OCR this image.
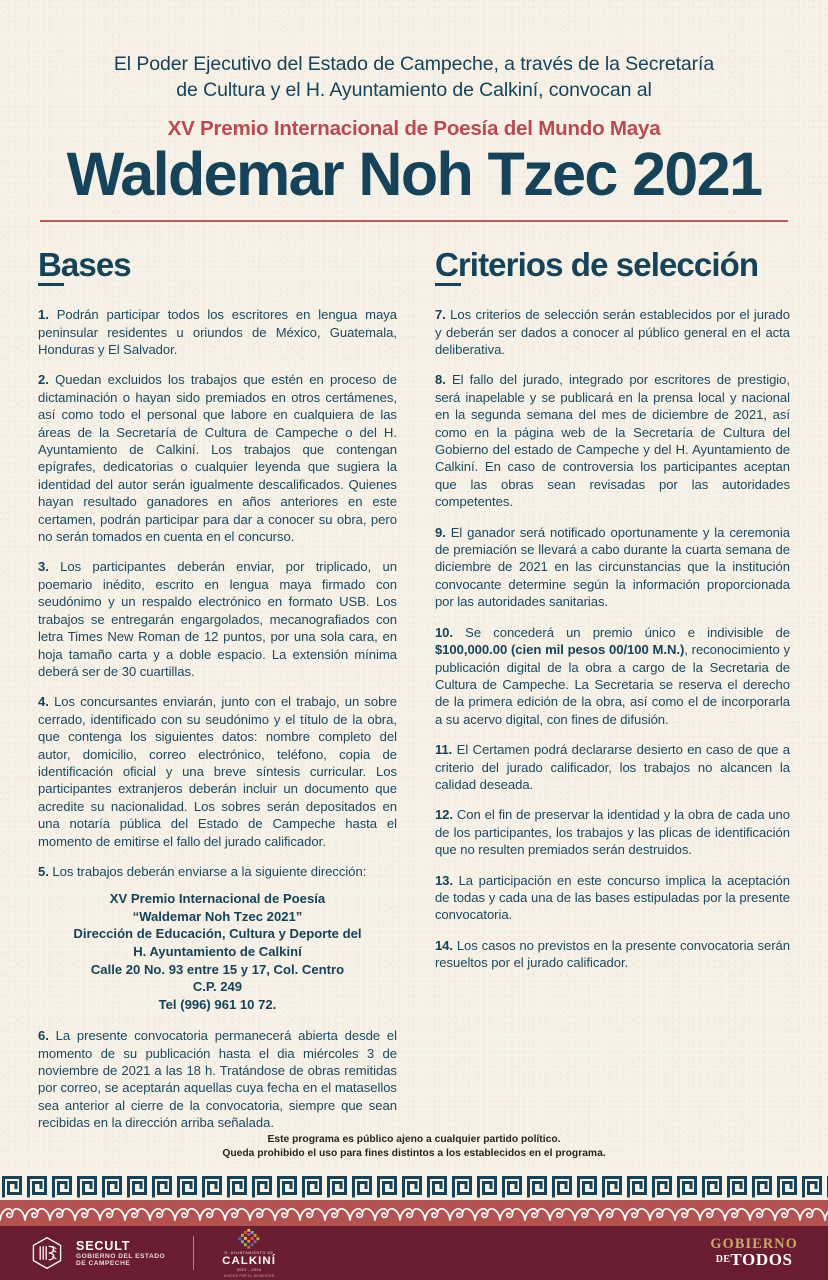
El Poder Ejecutivo del Estado de Campeche, a través de la Secretaría
de Cultura y el H. Ayuntamiento de Calkiní, convocan al
XV Premio Internacional de Poesía del Mundo Maya
Waldemar Noh Tzec 2021
Bases

1. Podrán participar todos los escritores en lengua maya peninsular residentes u oriundos de México, Guatemala, Honduras y El Salvador.

2. Quedan excluidos los trabajos que estén en proceso de dictaminación o hayan sido premiados en otros certámenes, así como todo el personal que labore en cualquiera de las áreas de la Secretaría de Cultura de Campeche o del H. Ayuntamiento de Calkiní. Los trabajos que contengan epígrafes, dedicatorias o cualquier leyenda que sugiera la identidad del autor serán igualmente descalificados. Quienes hayan resultado ganadores en años anteriores en este certamen, podrán participar para dar a conocer su obra, pero no serán tomados en cuenta en el concurso.

3. Los participantes deberán enviar, por triplicado, un poemario inédito, escrito en lengua maya firmado con seudónimo y un respaldo electrónico en formato USB. Los trabajos se entregarán engargolados, mecanografiados con letra Times New Roman de 12 puntos, por una sola cara, en hoja tamaño carta y a doble espacio. La extensión mínima deberá ser de 30 cuartillas.

4. Los concursantes enviarán, junto con el trabajo, un sobre cerrado, identificado con su seudónimo y el título de la obra, que contenga los siguientes datos: nombre completo del autor, domicilio, correo electrónico, teléfono, copia de identificación oficial y una breve síntesis curricular. Los participantes extranjeros deberán incluir un documento que acredite su nacionalidad. Los sobres serán depositados en una notaría pública del Estado de Campeche hasta el momento de emitirse el fallo del jurado calificador.

5. Los trabajos deberán enviarse a la siguiente dirección:

XV Premio Internacional de Poesía
“Waldemar Noh Tzec 2021”
Dirección de Educación, Cultura y Deporte del
H. Ayuntamiento de Calkiní
Calle 20 No. 93 entre 15 y 17, Col. Centro
C.P. 249
Tel (996) 961 10 72.

6. La presente convocatoria permanecerá abierta desde el momento de su publicación hasta el dia miércoles 3 de noviembre de 2021 a las 18 h. Tratándose de obras remitidas por correo, se aceptarán aquellas cuya fecha en el matasellos sea anterior al cierre de la convocatoria, siempre que sean recibidas en la dirección arriba señalada.

Criterios de selección

7. Los criterios de selección serán establecidos por el jurado y deberán ser dados a conocer al público general en el acta deliberativa.

8. El fallo del jurado, integrado por escritores de prestigio, será inapelable y se publicará en la prensa local y nacional en la segunda semana del mes de diciembre de 2021, así como en la página web de la Secretaría de Cultura del Gobierno del estado de Campeche y del H. Ayuntamiento de Calkiní. En caso de controversia los participantes aceptan que las obras sean revisadas por las autoridades competentes.

9. El ganador será notificado oportunamente y la ceremonia de premiación se llevará a cabo durante la cuarta semana de diciembre de 2021 en las circunstancias que la institución convocante determine según la información proporcionada por las autoridades sanitarias.

10. Se concederá un premio único e indivisible de $100,000.00 (cien mil pesos 00/100 M.N.), reconocimiento y publicación digital de la obra a cargo de la Secretaria de Cultura de Campeche. La Secretaria se reserva el derecho de la primera edición de la obra, así como el de incorporarla a su acervo digital, con fines de difusión.

11. El Certamen podrá declararse desierto en caso de que a criterio del jurado calificador, los trabajos no alcancen la calidad deseada.

12. Con el fin de preservar la identidad y la obra de cada uno de los participantes, los trabajos y las plicas de identificación que no resulten premiados serán destruidos.

13. La participación en este concurso implica la aceptación de todas y cada una de las bases estipuladas por la presente convocatoria.

14. Los casos no previstos en la presente convocatoria serán resueltos por el jurado calificador.

Este programa es público ajeno a cualquier partido político.
Queda prohibido el uso para fines distintos a los establecidos en el programa.
SECULT
GOBIERNO DEL ESTADO
DE CAMPECHE
H. AYUNTAMIENTO DE
CALKINÍ
2021 - 2024
UNIDOS POR EL BIENESTAR
GOBIERNO
DETODOS
